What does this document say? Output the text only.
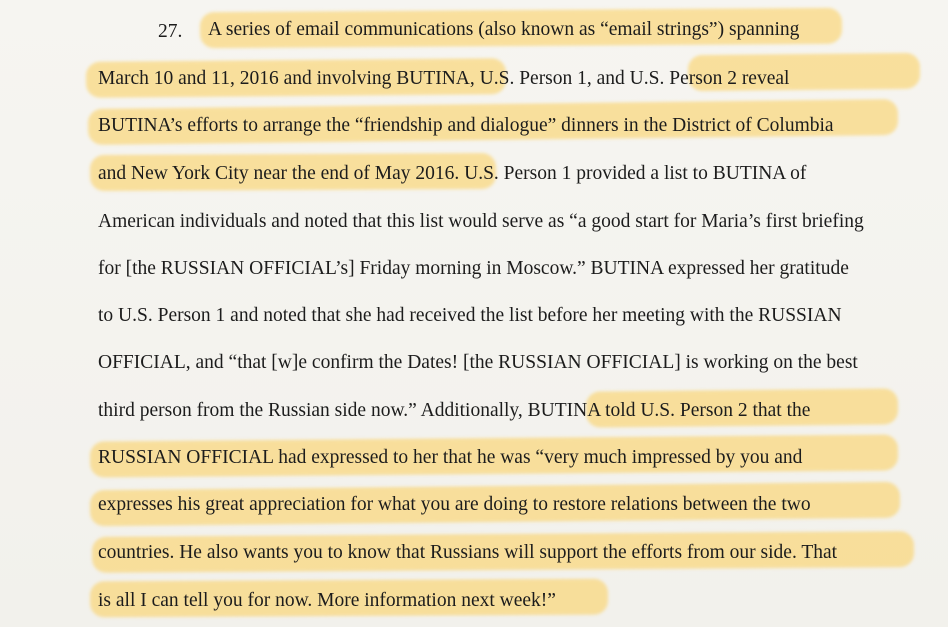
27. A series of email communications (also known as “email strings”) spanning
March 10 and 11, 2016 and involving BUTINA, U.S. Person 1, and U.S. Person 2 reveal
BUTINA’s efforts to arrange the “friendship and dialogue” dinners in the District of Columbia
and New York City near the end of May 2016. U.S. Person 1 provided a list to BUTINA of
American individuals and noted that this list would serve as “a good start for Maria’s first briefing
for [the RUSSIAN OFFICIAL’s] Friday morning in Moscow.” BUTINA expressed her gratitude
to U.S. Person 1 and noted that she had received the list before her meeting with the RUSSIAN
OFFICIAL, and “that [w]e confirm the Dates! [the RUSSIAN OFFICIAL] is working on the best
third person from the Russian side now.” Additionally, BUTINA told U.S. Person 2 that the
RUSSIAN OFFICIAL had expressed to her that he was “very much impressed by you and
expresses his great appreciation for what you are doing to restore relations between the two
countries. He also wants you to know that Russians will support the efforts from our side. That
is all I can tell you for now. More information next week!”
